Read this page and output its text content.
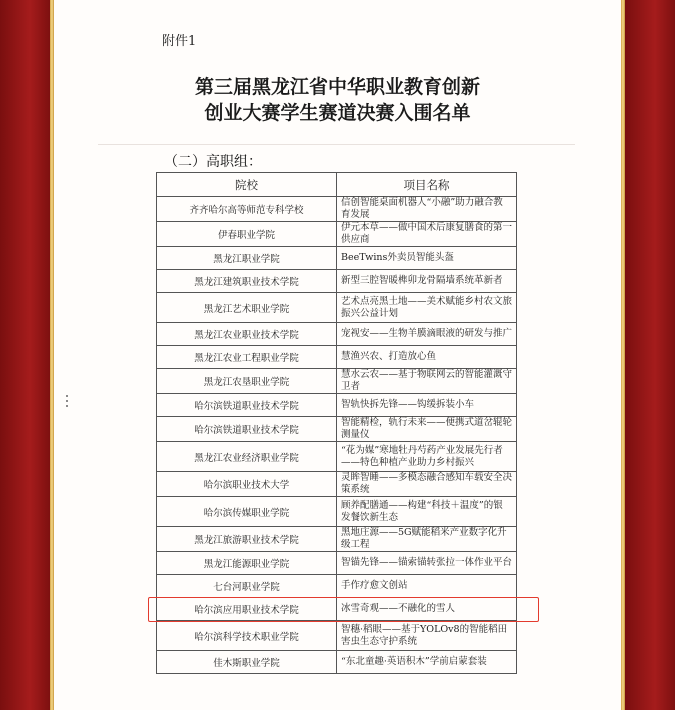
附件1
第三届黑龙江省中华职业教育创新
创业大赛学生赛道决赛入围名单
（二）高职组：
院校	项目名称
齐齐哈尔高等师范专科学校	信创智能桌面机器人“小融”助力融合教育发展
伊春职业学院	伊元本草——做中国术后康复膳食的第一供应商
黑龙江职业学院	BeeTwins外卖员智能头盔
黑龙江建筑职业技术学院	新型三腔智暖榫卯龙骨隔墙系统革新者
黑龙江艺术职业学院	艺术点亮黑土地——美术赋能乡村农文旅振兴公益计划
黑龙江农业职业技术学院	宠视安——生物羊膜滴眼液的研发与推广
黑龙江农业工程职业学院	慧渔兴农、打造放心鱼
黑龙江农垦职业学院	慧水云农——基于物联网云的智能灌溉守卫者
哈尔滨铁道职业技术学院	智轨快拆先锋——钩缓拆装小车
哈尔滨铁道职业技术学院	智能精检，轨行未来——便携式道岔辊轮测量仪
黑龙江农业经济职业学院	“花为媒”寒地牡丹芍药产业发展先行者——特色种植产业助力乡村振兴
哈尔滨职业技术大学	灵眸智睡——多模态融合感知车载安全决策系统
哈尔滨传媒职业学院	顾养配膳通——构建“科技＋温度”的银发餐饮新生态
黑龙江旅游职业技术学院	黑地庄源——5G赋能稻米产业数字化升级工程
黑龙江能源职业学院	智锚先锋——锚索锚转张拉一体作业平台
七台河职业学院	手作疗愈文创站
哈尔滨应用职业技术学院	冰雪奇观——不融化的雪人
哈尔滨科学技术职业学院	智穗·稻眼——基于YOLOv8的智能稻田害虫生态守护系统
佳木斯职业学院	“东北童趣·英语积木”学前启蒙套装
